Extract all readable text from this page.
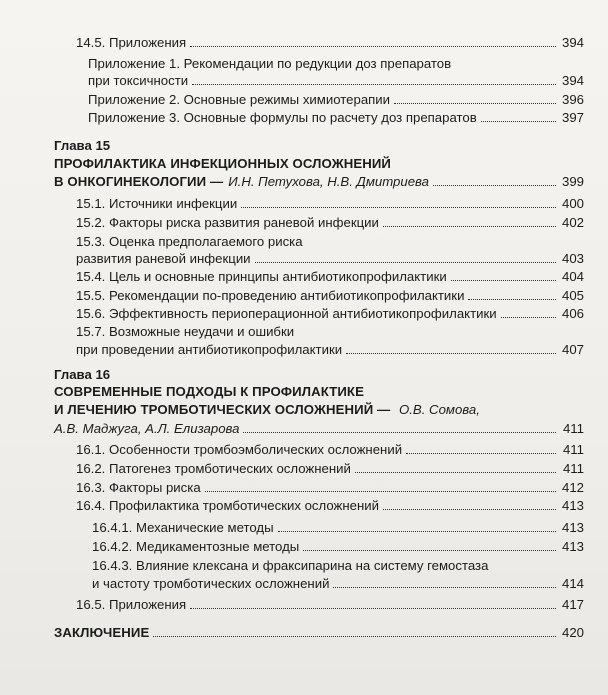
14.5. Приложения	394
Приложение 1. Рекомендации по редукции доз препаратов
при токсичности	394
Приложение 2. Основные режимы химиотерапии	396
Приложение 3. Основные формулы по расчету доз препаратов	397
Глава 15
ПРОФИЛАКТИКА ИНФЕКЦИОННЫХ ОСЛОЖНЕНИЙ
В ОНКОГИНЕКОЛОГИИ — И.Н. Петухова, Н.В. Дмитриева	399
15.1. Источники инфекции	400
15.2. Факторы риска развития раневой инфекции	402
15.3. Оценка предполагаемого риска
развития раневой инфекции	403
15.4. Цель и основные принципы антибиотикопрофилактики	404
15.5. Рекомендации по-проведению антибиотикопрофилактики	405
15.6. Эффективность периоперационной антибиотикопрофилактики	406
15.7. Возможные неудачи и ошибки
при проведении антибиотикопрофилактики	407
Глава 16
СОВРЕМЕННЫЕ ПОДХОДЫ К ПРОФИЛАКТИКЕ
И ЛЕЧЕНИЮ ТРОМБОТИЧЕСКИХ ОСЛОЖНЕНИЙ — О.В. Сомова,
А.В. Маджуга, А.Л. Елизарова	411
16.1. Особенности тромбоэмболических осложнений	411
16.2. Патогенез тромботических осложнений	411
16.3. Факторы риска	412
16.4. Профилактика тромботических осложнений	413
16.4.1. Механические методы	413
16.4.2. Медикаментозные методы	413
16.4.3. Влияние клексана и фраксипарина на систему гемостаза
и частоту тромботических осложнений	414
16.5. Приложения	417
ЗАКЛЮЧЕНИЕ	420
